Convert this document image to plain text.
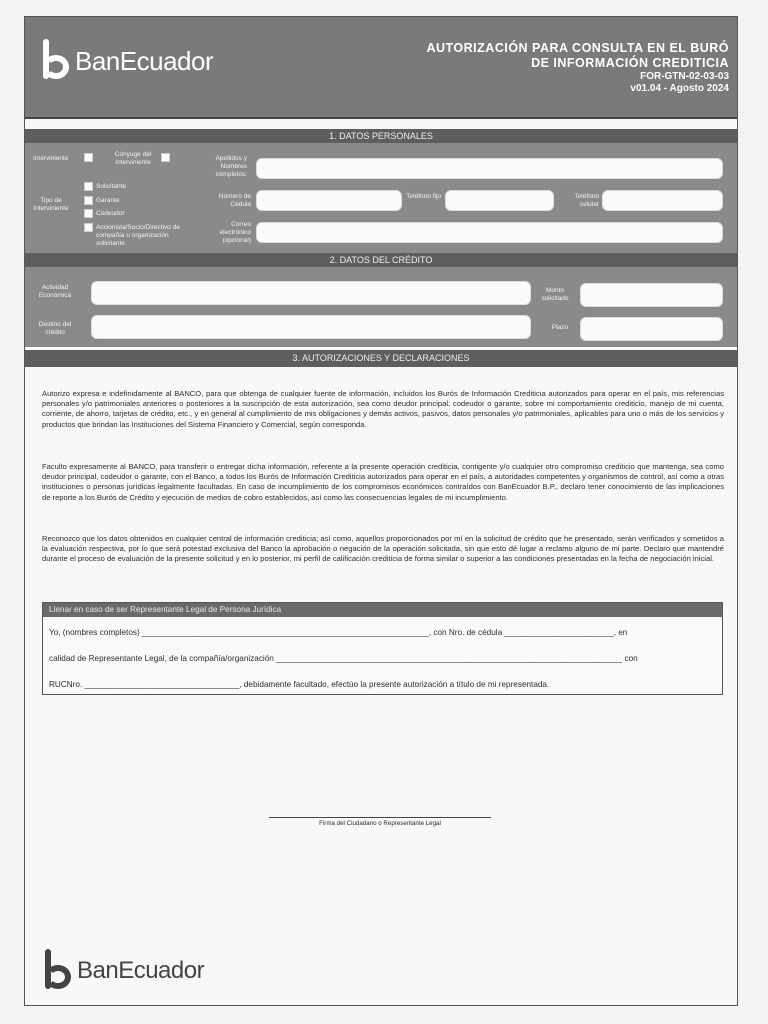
BanEcuador	AUTORIZACIÓN PARA CONSULTA EN EL BURÓ
DE INFORMACIÓN CREDITICIA
FOR-GTN-02-03-03
v01.04 - Agosto 2024
1. DATOS PERSONALES
Interviniente
Cónyuge del Interviniente
Tipo de Interviniente
Solicitante
Garante
Codeudor
Accionista/Socio/Directivo de compañía u organización solicitante
Apellidos y Nombres completos:
Número de Cédula
Teléfono fijo	Teléfono celular
Correo electrónico (opcional)
2. DATOS DEL CRÉDITO
Actividad Económica
Monto solicitado
Destino del crédito
Plazo
3. AUTORIZACIONES Y DECLARACIONES
Autorizo expresa e indefinidamente al BANCO, para que obtenga de cualquier fuente de información, incluidos los Burós de Información Crediticia autorizados para operar en el país, mis referencias personales y/o patrimoniales anteriores o posteriores a la suscripción de esta autorización, sea como deudor principal, codeudor o garante, sobre mi comportamiento crediticio, manejo de mi cuenta, corriente, de ahorro, tarjetas de crédito, etc., y en general al cumplimiento de mis obligaciones y demás activos, pasivos, datos personales y/o patrimoniales, aplicables para uno o más de los servicios y productos que brindan las Instituciones del Sistema Financiero y Comercial, según corresponda.
Faculto expresamente al BANCO, para transferir o entregar dicha información, referente a la presente operación crediticia, contigente y/o cualquier otro compromiso crediticio que mantenga, sea como deudor principal, codeudor o garante, con el Banco, a todos los Burós de Información Crediticia autorizados para operar en el país, a autoridades competentes y organismos de control, así como a otras instituciones o personas jurídicas legalmente facultadas. En caso de incumplimiento de los compromisos económicos contraídos con BanEcuador B.P., declaro tener conocimiento de las implicaciones de reporte a los Burós de Crédito y ejecución de medios de cobro establecidos, así como las consecuencias legales de mi incumplimiento.
Reconozco que los datos obtenidos en cualquier central de información crediticia; así como, aquellos proporcionados por mí en la solicitud de crédito que he presentado, serán verificados y sometidos a la evaluación respectiva, por lo que será potestad exclusiva del Banco la aprobación o negación de la operación solicitada, sin que esto dé lugar a reclamo alguno de mi parte. Declaro que mantendré durante el proceso de evaluación de la presente solicitud y en lo posterior, mi perfil de calificación crediticia de forma similar o superior a las condiciones presentadas en la fecha de negociación inicial.
Llenar en caso de ser Representante Legal de Persona Jurídica
Yo, (nombres completos) _______________________________________________________________, con Nro. de cédula ________________________, en
calidad de Representante Legal, de la compañía/organización ____________________________________________________________________________ con
RUCNro. __________________________________, debidamente facultado, efectúo la presente autorización a título de mi representada.
Firma del Ciudadano o Representante Legal
BanEcuador
